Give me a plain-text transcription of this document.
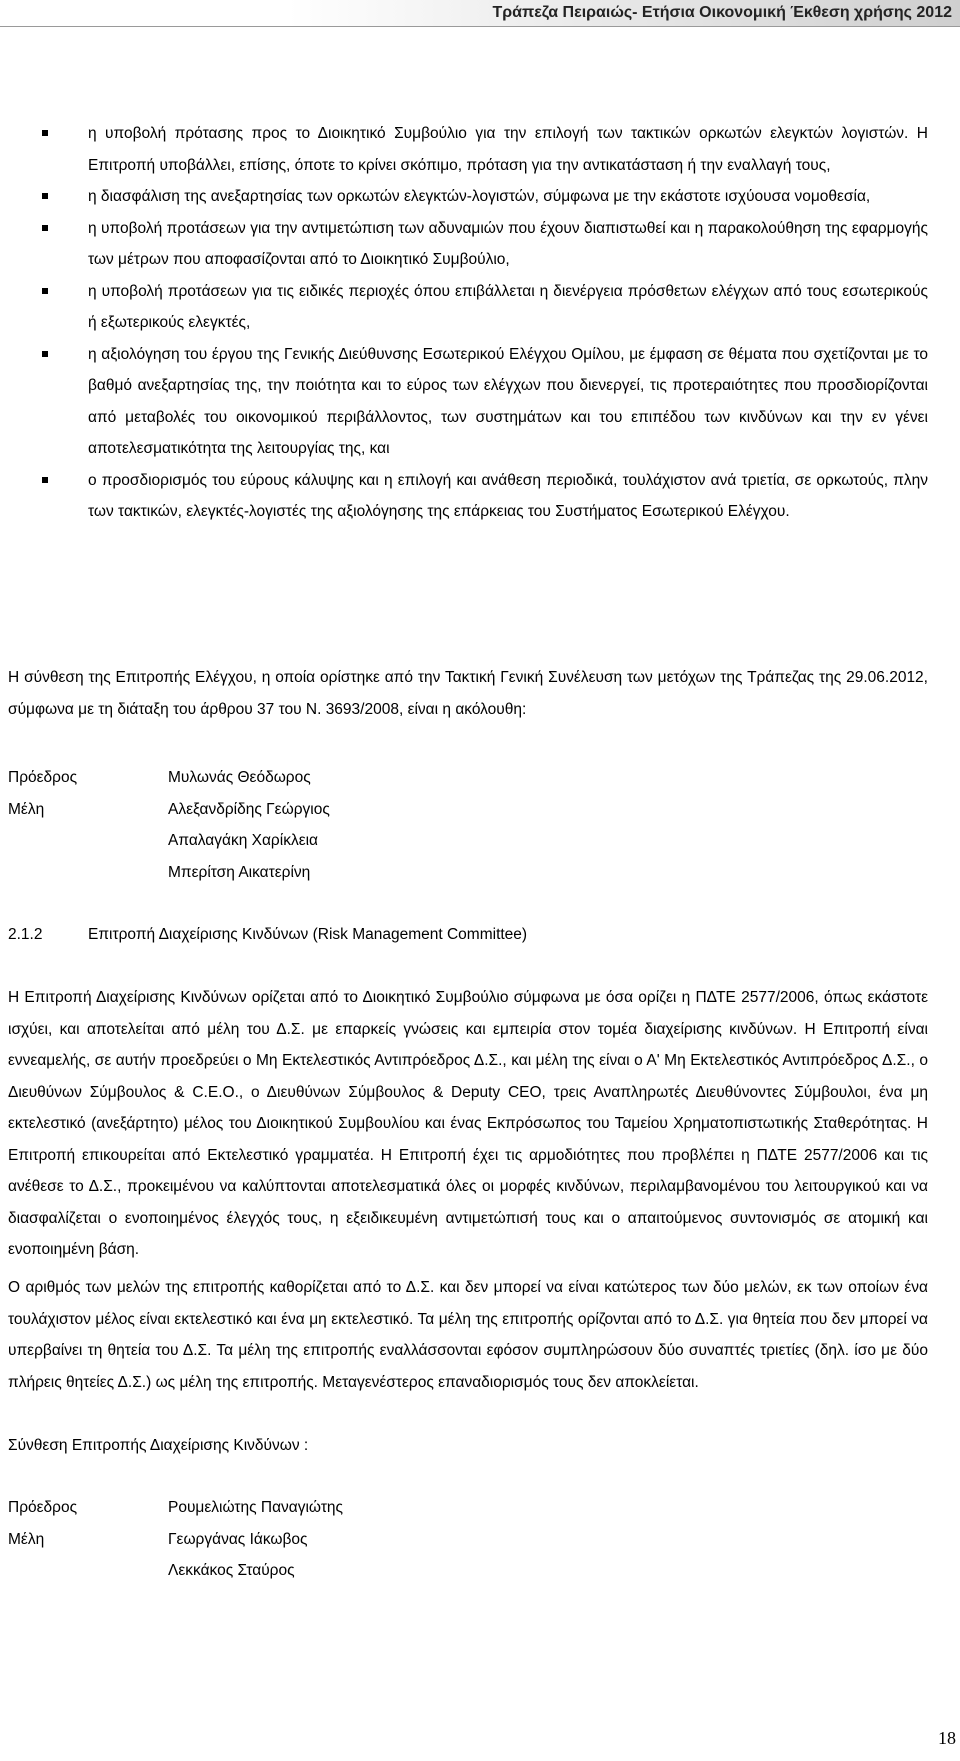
Τράπεζα Πειραιώς- Ετήσια Οικονομική Έκθεση χρήσης 2012
η υποβολή πρότασης προς το Διοικητικό Συμβούλιο για την επιλογή των τακτικών ορκωτών ελεγκτών λογιστών. Η Επιτροπή υποβάλλει, επίσης, όποτε το κρίνει σκόπιμο, πρόταση για την αντικατάσταση ή την εναλλαγή τους,
η διασφάλιση της ανεξαρτησίας των ορκωτών ελεγκτών-λογιστών, σύμφωνα με την εκάστοτε ισχύουσα νομοθεσία,
η υποβολή προτάσεων για την αντιμετώπιση των αδυναμιών που έχουν διαπιστωθεί και η παρακολούθηση της εφαρμογής των μέτρων που αποφασίζονται από το Διοικητικό Συμβούλιο,
η υποβολή προτάσεων για τις ειδικές περιοχές όπου επιβάλλεται η διενέργεια πρόσθετων ελέγχων από τους εσωτερικούς ή εξωτερικούς ελεγκτές,
η αξιολόγηση του έργου της Γενικής Διεύθυνσης Εσωτερικού Ελέγχου Ομίλου, με έμφαση σε θέματα που σχετίζονται με το βαθμό ανεξαρτησίας της, την ποιότητα και το εύρος των ελέγχων που διενεργεί, τις προτεραιότητες που προσδιορίζονται από μεταβολές του οικονομικού περιβάλλοντος, των συστημάτων και του επιπέδου των κινδύνων και την εν γένει αποτελεσματικότητα της λειτουργίας της, και
ο προσδιορισμός του εύρους κάλυψης και η επιλογή και ανάθεση περιοδικά, τουλάχιστον ανά τριετία, σε ορκωτούς, πλην των τακτικών, ελεγκτές-λογιστές της αξιολόγησης της επάρκειας του Συστήματος Εσωτερικού Ελέγχου.
Η σύνθεση της Επιτροπής Ελέγχου, η οποία ορίστηκε από την Τακτική Γενική Συνέλευση των μετόχων της Τράπεζας της 29.06.2012, σύμφωνα με τη διάταξη του άρθρου 37 του Ν. 3693/2008, είναι η ακόλουθη:
Πρόεδρος	Μυλωνάς Θεόδωρος
Μέλη	Αλεξανδρίδης Γεώργιος
Απαλαγάκη Χαρίκλεια
Μπερίτση Αικατερίνη
2.1.2	Επιτροπή Διαχείρισης Κινδύνων (Risk Management Committee)
Η Επιτροπή Διαχείρισης Κινδύνων ορίζεται από το Διοικητικό Συμβούλιο σύμφωνα με όσα ορίζει η ΠΔΤΕ 2577/2006, όπως εκάστοτε ισχύει, και αποτελείται από μέλη του Δ.Σ. με επαρκείς γνώσεις και εμπειρία στον τομέα διαχείρισης κινδύνων. Η Επιτροπή είναι εννεαμελής, σε αυτήν προεδρεύει ο Μη Εκτελεστικός Αντιπρόεδρος Δ.Σ., και μέλη της είναι ο Α' Μη Εκτελεστικός Αντιπρόεδρος Δ.Σ., ο Διευθύνων Σύμβουλος & C.E.O., ο Διευθύνων Σύμβουλος & Deputy CEO, τρεις Αναπληρωτές Διευθύνοντες Σύμβουλοι, ένα μη εκτελεστικό (ανεξάρτητο) μέλος του Διοικητικού Συμβουλίου και ένας Εκπρόσωπος του Ταμείου Χρηματοπιστωτικής Σταθερότητας. Η Επιτροπή επικουρείται από Εκτελεστικό γραμματέα. Η Επιτροπή έχει τις αρμοδιότητες που προβλέπει η ΠΔΤΕ 2577/2006 και τις ανέθεσε το Δ.Σ., προκειμένου να καλύπτονται αποτελεσματικά όλες οι μορφές κινδύνων, περιλαμβανομένου του λειτουργικού και να διασφαλίζεται ο ενοποιημένος έλεγχός τους, η εξειδικευμένη αντιμετώπισή τους και ο απαιτούμενος συντονισμός σε ατομική και ενοποιημένη βάση.
Ο αριθμός των μελών της επιτροπής καθορίζεται από το Δ.Σ. και δεν μπορεί να είναι κατώτερος των δύο μελών, εκ των οποίων ένα τουλάχιστον μέλος είναι εκτελεστικό και ένα μη εκτελεστικό. Τα μέλη της επιτροπής ορίζονται από το Δ.Σ. για θητεία που δεν μπορεί να υπερβαίνει τη θητεία του Δ.Σ. Τα μέλη της επιτροπής εναλλάσσονται εφόσον συμπληρώσουν δύο συναπτές τριετίες (δηλ. ίσο με δύο πλήρεις θητείες Δ.Σ.) ως μέλη της επιτροπής. Μεταγενέστερος επαναδιορισμός τους δεν αποκλείεται.
Σύνθεση Επιτροπής Διαχείρισης Κινδύνων :
Πρόεδρος	Ρουμελιώτης Παναγιώτης
Μέλη	Γεωργάνας Ιάκωβος
Λεκκάκος Σταύρος
18
